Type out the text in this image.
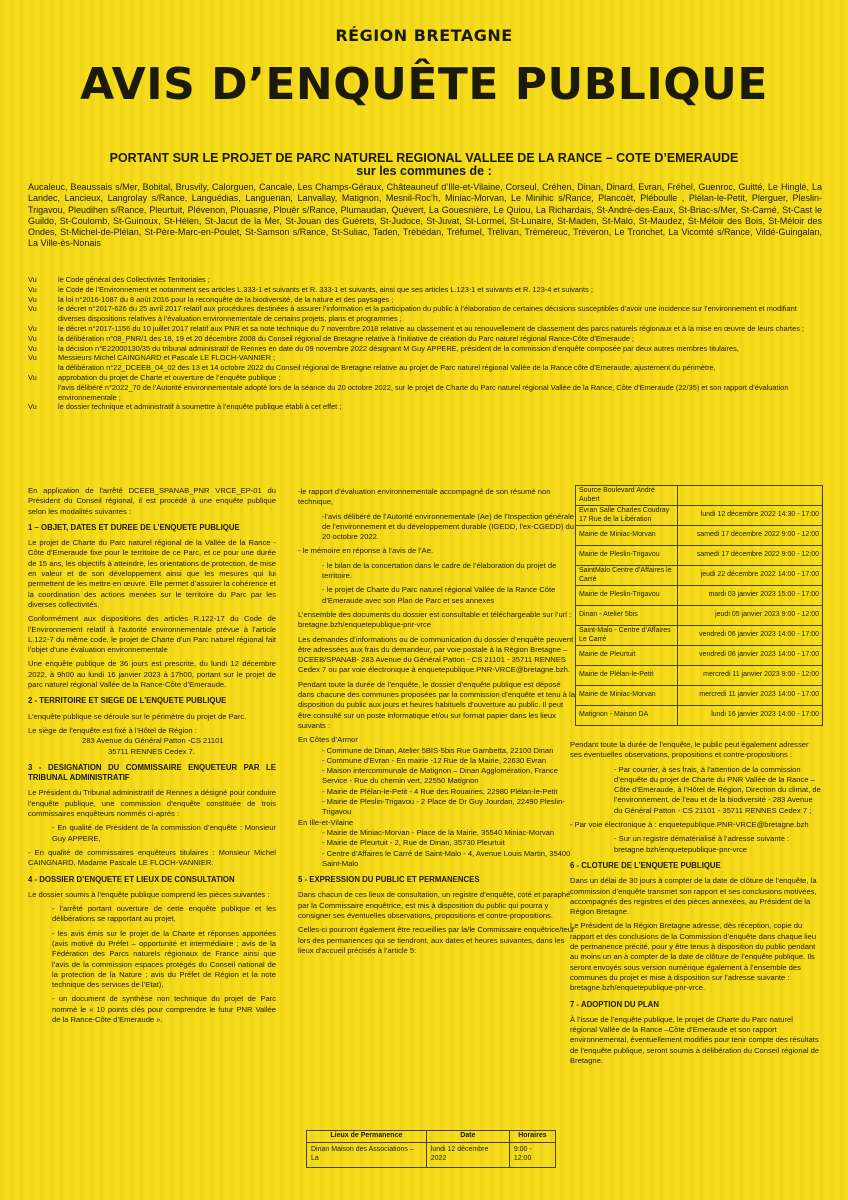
RÉGION BRETAGNE
AVIS D’ENQUÊTE PUBLIQUE
PORTANT SUR LE PROJET DE PARC NATUREL REGIONAL VALLEE DE LA RANCE – COTE D’EMERAUDE
sur les communes de :
Aucaleuc, Beaussais s/Mer, Bobital, Brusvily, Calorguen, Cancale, Les Champs-Géraux, Châteauneuf d’Ille-et-Vilaine, Corseul, Créhen, Dinan, Dinard, Evran, Fréhel, Guenroc, Guitté, Le Hinglé, La Landec, Lancieux, Langrolay s/Rance, Languédias, Languenan, Lanvallay, Matignon, Mesnil-Roc’h, Miniac-Morvan, Le Minihic s/Rance, Plancoët, Pléboulle , Plélan-le-Petit, Plerguer, Pleslin-Trigavou, Pleudihen s/Rance, Pleurtuit, Plévenon, Plouasne, Plouër s/Rance, Plumaudan, Quévert, La Gouesnière, Le Quiou, La Richardais, St-André-des-Eaux, St-Briac-s/Mer, St-Carné, St-Cast le Guildo, St-Coulomb, St-Guinoux, St-Hélen, St-Jacut de la Mer, St-Jouan des Guérets, St-Judoce, St-Juvat, St-Lormel, St-Lunaire, St-Maden, St-Malo, St-Maudez, St-Méloir des Bois, St-Méloir des Ondes, St-Michel-de-Plélan, St-Père-Marc-en-Poulet, St-Samson s/Rance, St-Suliac, Taden, Trébédan, Tréfumel, Trélivan, Trémérеuc, Tréveron, Le Tronchet, La Vicomté s/Rance, Vildé-Guingalan, La Ville-ès-Nonais
Vu	le Code général des Collectivités Territoriales ;
Vu	le Code de l’Environnement et notamment ses articles L.333-1 et suivants et R. 333-1 et suivants, ainsi que ses articles L.123-1 et suivants et R. 123-4 et suivants ;
Vu	la loi n°2016-1087 du 8 août 2016 pour la reconquête de la biodiversité, de la nature et des paysages ;
Vu	le décret n°2017-626 du 25 avril 2017 relatif aux procédures destinées à assurer l’information et la participation du public à l’élaboration de certaines décisions susceptibles d’avoir une incidence sur l’environnement et modifiant diverses dispositions relatives à l’évaluation environnementale de certains projets, plans et programmes ;
Vu	le décret n°2017-1156 du 10 juillet 2017 relatif aux PNR et sa note technique du 7 novembre 2018 relative au classement et au renouvellement de classement des parcs naturels régionaux et à la mise en œuvre de leurs chartes ;
Vu	la délibération n°08_PNR/1 des 18, 19 et 20 décembre 2008 du Conseil régional de Bretagne relative à l’initiative de création du Parc naturel régional Rance-Côte d’Emeraude ;
Vu	la décision n°E22000130/35 du tribunal administratif de Rennes en date du 09 novembre 2022 désignant M Guy APPERE, président de la commission d’enquête composée par deux autres membres titulaires,
Vu	Messieurs Michel CAINGNARD et Pascale LE FLOCH-VANNIER ;
la délibération n°22_DCEEB_04_02 des 13 et 14 octobre 2022 du Conseil régional de Bretagne relative au projet de Parc naturel régional Vallée de la Rance côte d’Emeraude, ajustement du périmètre,
Vu	approbation du projet de Charte et ouverture de l’enquête publique ;
l’avis délibéré n°2022_70 de l’Autorité environnementale adopté lors de la séance du 20 octobre 2022, sur le projet de Charte du Parc naturel régional Vallée de la Rance, Côte d’Emeraude (22/35) et son rapport d’évaluation environnementale ;
Vu	le dossier technique et administratif à soumettre à l’enquête publique établi à cet effet ;

En application de l’arrêté DCEEB_SPANAB_PNR VRCE_EP-01 du Président du Conseil régional, il est procédé à une enquête publique selon les modalités suivantes :

1 – OBJET, DATES ET DUREE DE L’ENQUETE PUBLIQUE

Le projet de Charte du Parc naturel régional de la Vallée de la Rance - Côte d’Emeraude fixe pour le territoire de ce Parc, et ce pour une durée de 15 ans, les objectifs à atteindre, les orientations de protection, de mise en valeur et de son développement ainsi que les mesures qui lui permettent de les mettre en œuvre. Elle permet d’assurer la cohérence et la coordination des actions menées sur le territoire du Parc par les diverses collectivités.

Conformément aux dispositions des articles R.122-17 du Code de l’Environnement relatif à l’autorité environnementale prévue à l’article L.122-7 du même code, le projet de Charte d’un Parc naturel régional fait l’objet d’une évaluation environnementale

Une enquête publique de 36 jours est prescrite, du lundi 12 décembre 2022, à 9h00 au lundi 16 janvier 2023 à 17h00, portant sur le projet de parc naturel régional Vallée de la Rance-Côte d’Emeraude.

2 - TERRITOIRE ET SIEGE DE L’ENQUETE PUBLIQUE

L’enquête publique se déroule sur le périmètre du projet de Parc.

Le siège de l’enquête est fixé à l’Hôtel de Région :

283 Avenue du Général Patton -CS 21101

35711 RENNES Cedex 7.

3 - DESIGNATION DU COMMISSAIRE ENQUETEUR PAR LE TRIBUNAL ADMINISTRATIF

Le Président du Tribunal administratif de Rennes a désigné pour conduire l’enquête publique, une commission d’enquête constituée de trois commissaires enquêteurs nommés ci-après :

- En qualité de Président de la commission d’enquête : Monsieur Guy APPERE,

- En qualité de commissaires enquêteurs titulaires : Monsieur Michel CAINGNARD, Madame Pascale LE FLOCH-VANNIER.

4 - DOSSIER D’ENQUETE ET LIEUX DE CONSULTATION

Le dossier soumis à l’enquête publique comprend les pièces suivantes :

- l’arrêté portant ouverture de cette enquête publique et les délibérations se rapportant au projet,

- les avis émis sur le projet de la Charte et réponses apportées (avis motivé du Préfet – opportunité et intermédiaire ; avis de la Fédération des Parcs naturels régionaux de France ainsi que l’avis de la commission espaces protégés du Conseil national de la protection de la Nature ; avis du Préfet de Région et la note technique des services de l’Etat),

- un document de synthèse non technique du projet de Parc nommé le « 10 points clés pour comprendre le futur PNR Vallée de la Rance-Côte d’Emeraude ».

-le rapport d’évaluation environnementale accompagné de son résumé non technique,

-l’avis délibéré de l’Autorité environnementale (Ae) de l’Inspection générale de l’environnement et du développement durable (IGEDD, l’ex-CGEDD) du 20 octobre 2022.

- le mémoire en réponse à l’avis de l’Ae.

- le bilan de la concertation dans le cadre de l’élaboration du projet de territoire.

- le projet de Charte du Parc naturel régional Vallée de la Rance Côte d’Emeraude avec son Plan de Parc et ses annexes

L’ensemble des documents du dossier est consultable et téléchargeable sur l’url : bretagne.bzh/enquetepublique-pnr-vrce

Les demandes d’informations ou de communication du dossier d’enquête peuvent être adressées aux frais du demandeur, par voie postale à la Région Bretagne – DCEEB/SPANAB- 283 Avenue du Général Patton - CS 21101 - 35711 RENNES Cedex 7 ou par voie électronique à enquetepublique.PNR-VRCE@bretagne.bzh.

Pendant toute la durée de l’enquête, le dossier d’enquête publique est déposé dans chacune des communes proposées par la commission d’enquête et tenu à la disposition du public aux jours et heures habituels d’ouverture au public. Il peut être consulté sur un poste informatique et/ou sur format papier dans les lieux suivants :

En Côtes d’Armor

- Commune de Dinan, Atelier 5BIS-5bis Rue Gambetta, 22100 Dinan

- Commune d’Evran - En mairie -12 Rue de la Mairie, 22630 Evran

- Maison intercommunale de Matignon – Dinan Agglomération, France Service - Rue du chemin vert, 22550 Matignon

- Mairie de Plélan-le-Petit - 4 Rue des Rouairies, 22980 Plélan-le-Petit

- Mairie de Pleslin-Trigavou - 2 Place de Dr Guy Jourdan, 22490 Pleslin-Trigavou

En Ille-et-Vilaine

- Mairie de Miniac-Morvan - Place de la Mairie, 35540 Miniac-Morvan

- Mairie de Pleurtuit - 2, Rue de Dinan, 35730 Pleurtuit

- Centre d’Affaires le Carré de Saint-Malo - 4, Avenue Louis Martin, 35400 Saint-Malo

5 - EXPRESSION DU PUBLIC ET PERMANENCES

Dans chacun de ces lieux de consultation, un registre d’enquête, coté et paraphé par la Commissaire enquêtrice, est mis à disposition du public qui pourra y consigner ses éventuelles observations, propositions et contre-propositions.

Celles-ci pourront également être recueillies par la/le Commissaire enquêtrice/teur lors des permanences qui se tiendront, aux dates et heures suivantes, dans les lieux d’accueil précisés à l’article 5:

Source Boulevard André Aubert	
Evran Salle Charles Coudray 17 Rue de la Libération	lundi 12 décembre 2022 14:30 - 17:00
Mairie de Miniac-Morvan	samedi 17 décembre 2022 9:00 - 12:00
Mairie de Pleslin-Trigavou	samedi 17 décembre 2022 9:00 - 12:00
SaintMalo Centre d’Affaires le Carré	jeudi 22 décembre 2022 14:00 - 17:00
Mairie de Pleslin-Trigavou	mardi 03 janvier 2023 15:00 - 17:00
Dinan - Atelier 5bis	jeudi 05 janvier 2023 9:00 - 12:00
Saint-Malo - Centre d’Affaires Le Carré	vendredi 06 janvier 2023 14:00 - 17:00
Mairie de Pleurtuit	vendredi 06 janvier 2023 14:00 - 17:00
Mairie de Plélan-le-Petit	mercredi 11 janvier 2023 9:00 - 12:00
Mairie de Miniac-Morvan	mercredi 11 janvier 2023 14:00 - 17:00
Matignon - Maison DA	lundi 16 janvier 2023 14:00 - 17:00

Pendant toute la durée de l’enquête, le public peut également adresser ses éventuelles observations, propositions et contre-propositions :

- Par courrier, à ses frais, à l’attention de la commission d’enquête du projet de Charte du PNR Vallée de la Rance – Côte d’Emeraude, à l’Hôtel de Région, Direction du climat, de l’environnement, de l’eau et de la biodiversité - 283 Avenue du Général Patton - CS 21101 - 35711 RENNES Cedex 7 ;

- Par voie électronique à : enquetepublique.PNR-VRCE@bretagne.bzh

- Sur un registre dématérialisé à l’adresse suivante : bretagne.bzh/enquetepublique-pnr-vrce

6 - CLOTURE DE L’ENQUETE PUBLIQUE

Dans un délai de 30 jours à compter de la date de clôture de l’enquête, la commission d’enquête transmet son rapport et ses conclusions motivées, accompagnés des registres et des pièces annexées, au Président de la Région Bretagne.

Le Président de la Région Bretagne adresse, dès réception, copie du rapport et des conclusions de la Commission d’enquête dans chaque lieu de permanence précité, pour y être tenus à disposition du public pendant au moins un an à compter de la date de clôture de l’enquête publique. Ils seront envoyés sous version numérique également à l’ensemble des communes du projet et mise à disposition sur l’adresse suivante : bretagne.bzh/enquetepublique-pnr-vrce.

7 - ADOPTION DU PLAN

À l’issue de l’enquête publique, le projet de Charte du Parc naturel régional Vallée de la Rance –Côte d’Emeraude et son rapport environnemental, éventuellement modifiés pour tenir compte des résultats de l’enquête publique, seront soumis à délibération du Conseil régional de Bretagne.

Lieux de Permanence	Date	Horaires
Dinan Maison des Associations – La	lundi 12 décembre 2022	9:00 - 12:00
